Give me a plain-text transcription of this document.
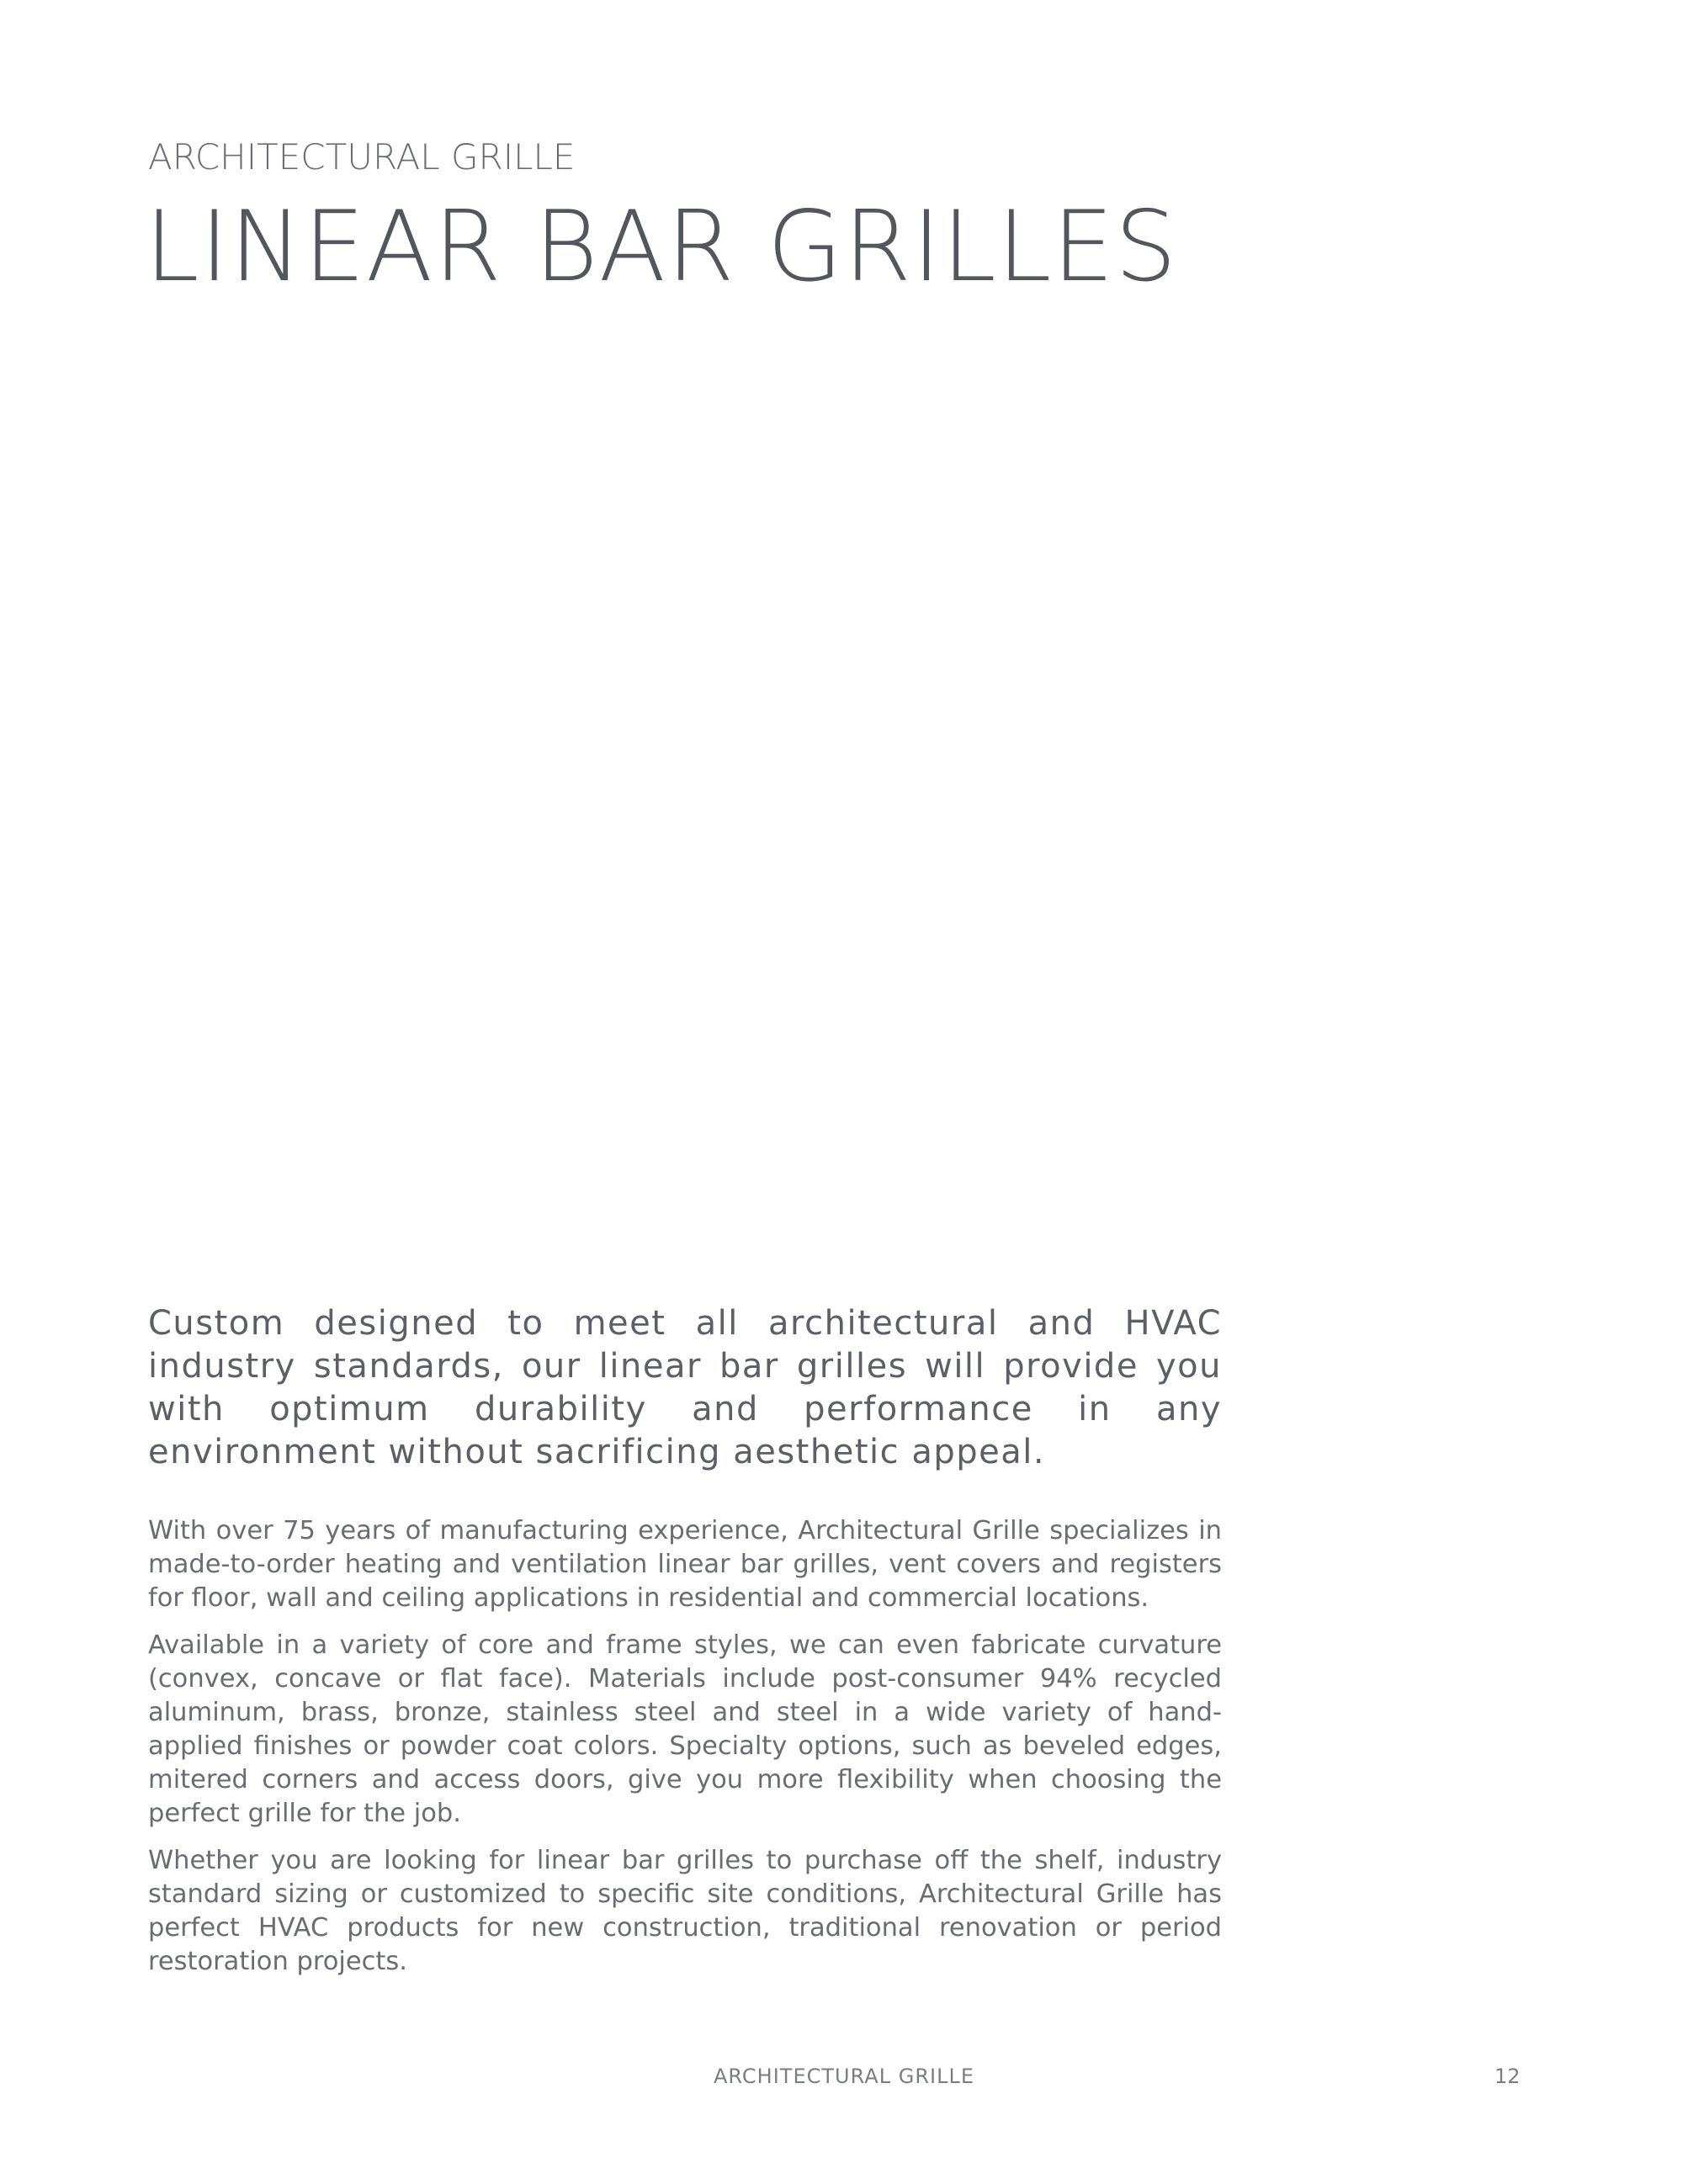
ARCHITECTURAL GRILLE
LINEAR BAR GRILLES

Custom designed to meet all architectural and HVAC industry standards, our linear bar grilles will provide you with optimum durability and performance in any environment without sacrificing aesthetic appeal.

With over 75 years of manufacturing experience, Architectural Grille specializes in made-to-order heating and ventilation linear bar grilles, vent covers and registers for floor, wall and ceiling applications in residential and commercial locations.

Available in a variety of core and frame styles, we can even fabricate curvature (convex, concave or flat face). Materials include post-consumer 94% recycled aluminum, brass, bronze, stainless steel and steel in a wide variety of hand-applied finishes or powder coat colors. Specialty options, such as beveled edges, mitered corners and access doors, give you more flexibility when choosing the perfect grille for the job.

Whether you are looking for linear bar grilles to purchase off the shelf, industry standard sizing or customized to specific site conditions, Architectural Grille has perfect HVAC products for new construction, traditional renovation or period restoration projects.

ARCHITECTURAL GRILLE	12
